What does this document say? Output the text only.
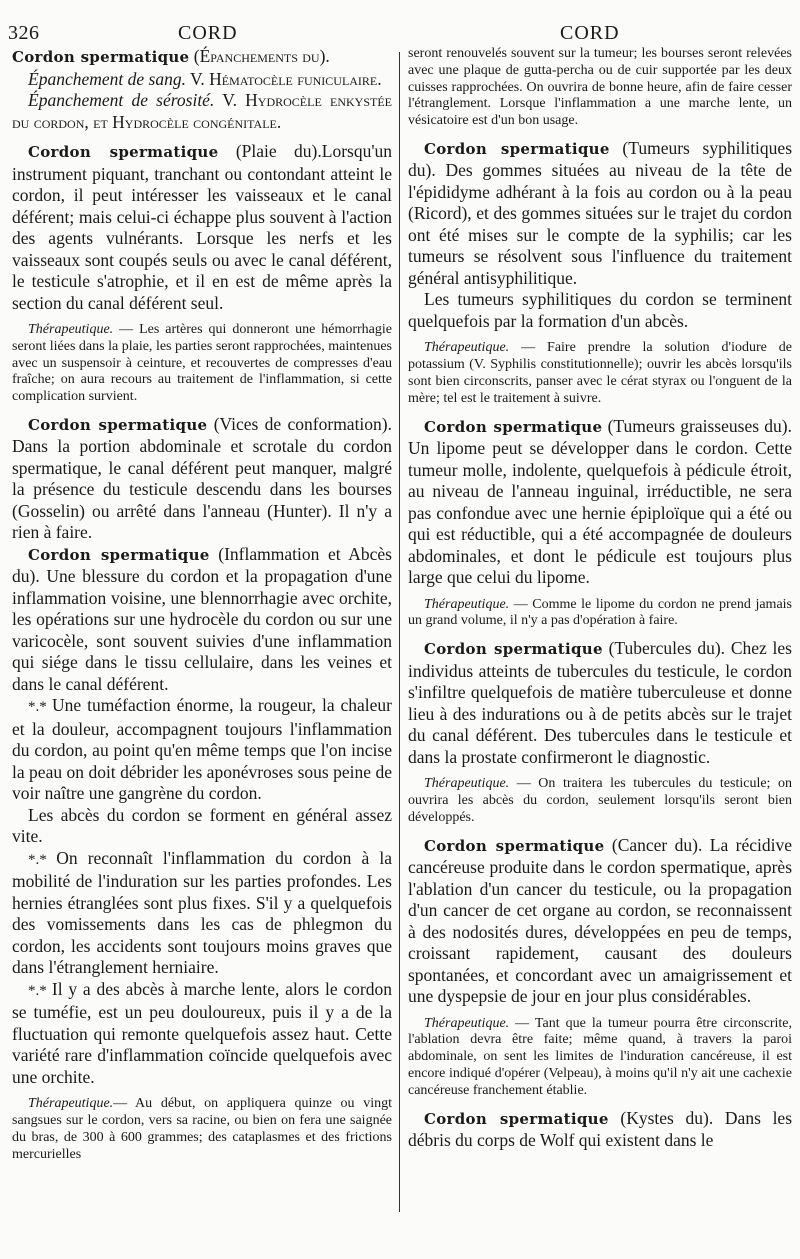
326	CORD	CORD

Cordon spermatique (Épanchements du).

Épanchement de sang. V. Hématocèle funiculaire.

Épanchement de sérosité. V. Hydrocèle enkystée du cordon, et Hydrocèle congénitale.

Cordon spermatique (Plaie du).Lorsqu'un instrument piquant, tranchant ou contondant atteint le cordon, il peut intéresser les vaisseaux et le canal déférent; mais celui-ci échappe plus souvent à l'action des agents vulnérants. Lorsque les nerfs et les vaisseaux sont coupés seuls ou avec le canal déférent, le testicule s'atrophie, et il en est de même après la section du canal déférent seul.

Thérapeutique. — Les artères qui donneront une hémorrhagie seront liées dans la plaie, les parties seront rapprochées, maintenues avec un suspensoir à ceinture, et recouvertes de compresses d'eau fraîche; on aura recours au traitement de l'inflammation, si cette complication survient.

Cordon spermatique (Vices de conformation). Dans la portion abdominale et scrotale du cordon spermatique, le canal déférent peut manquer, malgré la présence du testicule descendu dans les bourses (Gosselin) ou arrêté dans l'anneau (Hunter). Il n'y a rien à faire.

Cordon spermatique (Inflammation et Abcès du). Une blessure du cordon et la propagation d'une inflammation voisine, une blennorrhagie avec orchite, les opérations sur une hydrocèle du cordon ou sur une varicocèle, sont souvent suivies d'une inflammation qui siége dans le tissu cellulaire, dans les veines et dans le canal déférent.

*.* Une tuméfaction énorme, la rougeur, la chaleur et la douleur, accompagnent toujours l'inflammation du cordon, au point qu'en même temps que l'on incise la peau on doit débrider les aponévroses sous peine de voir naître une gangrène du cordon.

Les abcès du cordon se forment en général assez vite.

*.* On reconnaît l'inflammation du cordon à la mobilité de l'induration sur les parties profondes. Les hernies étranglées sont plus fixes. S'il y a quelquefois des vomissements dans les cas de phlegmon du cordon, les accidents sont toujours moins graves que dans l'étranglement herniaire.

*.* Il y a des abcès à marche lente, alors le cordon se tuméfie, est un peu douloureux, puis il y a de la fluctuation qui remonte quelquefois assez haut. Cette variété rare d'inflammation coïncide quelquefois avec une orchite.

Thérapeutique.— Au début, on appliquera quinze ou vingt sangsues sur le cordon, vers sa racine, ou bien on fera une saignée du bras, de 300 à 600 grammes; des cataplasmes et des frictions mercurielles

seront renouvelés souvent sur la tumeur; les bourses seront relevées avec une plaque de gutta-percha ou de cuir supportée par les deux cuisses rapprochées. On ouvrira de bonne heure, afin de faire cesser l'étranglement. Lorsque l'inflammation a une marche lente, un vésicatoire est d'un bon usage.

Cordon spermatique (Tumeurs syphilitiques du). Des gommes situées au niveau de la tête de l'épididyme adhérant à la fois au cordon ou à la peau (Ricord), et des gommes situées sur le trajet du cordon ont été mises sur le compte de la syphilis; car les tumeurs se résolvent sous l'influence du traitement général antisyphilitique.

Les tumeurs syphilitiques du cordon se terminent quelquefois par la formation d'un abcès.

Thérapeutique. — Faire prendre la solution d'iodure de potassium (V. Syphilis constitutionnelle); ouvrir les abcès lorsqu'ils sont bien circonscrits, panser avec le cérat styrax ou l'onguent de la mère; tel est le traitement à suivre.

Cordon spermatique (Tumeurs graisseuses du). Un lipome peut se développer dans le cordon. Cette tumeur molle, indolente, quelquefois à pédicule étroit, au niveau de l'anneau inguinal, irréductible, ne sera pas confondue avec une hernie épiploïque qui a été ou qui est réductible, qui a été accompagnée de douleurs abdominales, et dont le pédicule est toujours plus large que celui du lipome.

Thérapeutique. — Comme le lipome du cordon ne prend jamais un grand volume, il n'y a pas d'opération à faire.

Cordon spermatique (Tubercules du). Chez les individus atteints de tubercules du testicule, le cordon s'infiltre quelquefois de matière tuberculeuse et donne lieu à des indurations ou à de petits abcès sur le trajet du canal déférent. Des tubercules dans le testicule et dans la prostate confirmeront le diagnostic.

Thérapeutique. — On traitera les tubercules du testicule; on ouvrira les abcès du cordon, seulement lorsqu'ils seront bien développés.

Cordon spermatique (Cancer du). La récidive cancéreuse produite dans le cordon spermatique, après l'ablation d'un cancer du testicule, ou la propagation d'un cancer de cet organe au cordon, se reconnaissent à des nodosités dures, développées en peu de temps, croissant rapidement, causant des douleurs spontanées, et concordant avec un amaigrissement et une dyspepsie de jour en jour plus considérables.

Thérapeutique. — Tant que la tumeur pourra être circonscrite, l'ablation devra être faite; même quand, à travers la paroi abdominale, on sent les limites de l'induration cancéreuse, il est encore indiqué d'opérer (Velpeau), à moins qu'il n'y ait une cachexie cancéreuse franchement établie.

Cordon spermatique (Kystes du). Dans les débris du corps de Wolf qui existent dans le
